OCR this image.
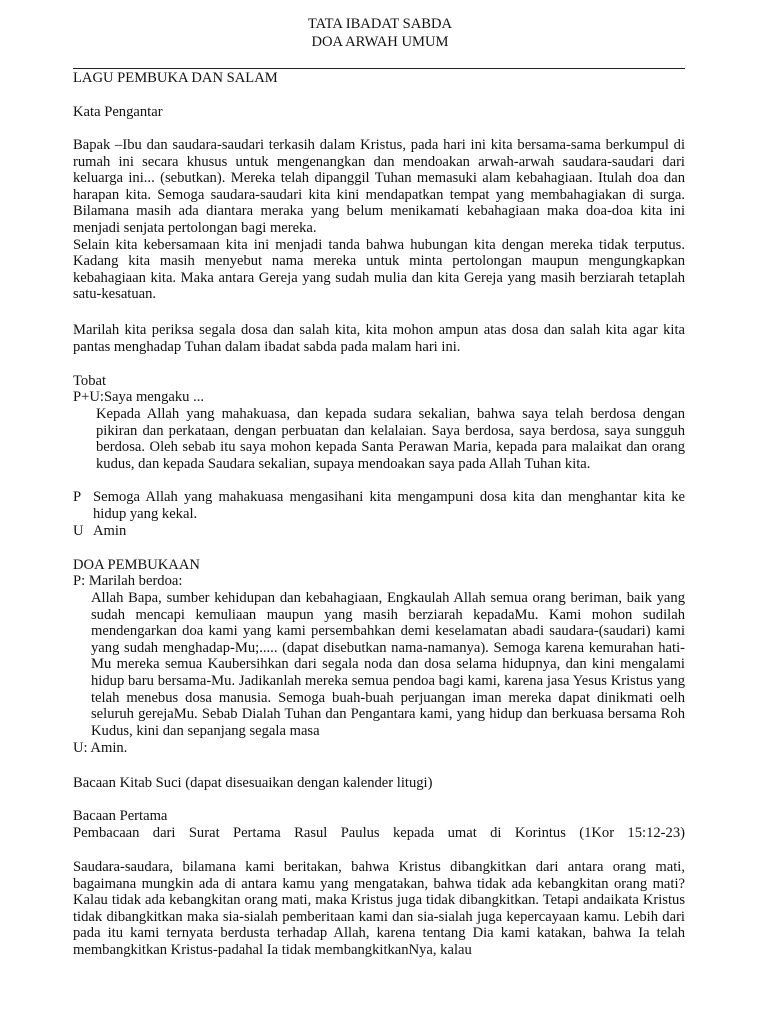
TATA IBADAT SABDA
DOA ARWAH UMUM
LAGU PEMBUKA DAN SALAM
Kata Pengantar

Bapak –Ibu dan saudara-saudari terkasih dalam Kristus, pada hari ini kita bersama-sama berkumpul di rumah ini secara khusus untuk mengenangkan dan mendoakan arwah-arwah saudara-saudari dari keluarga ini... (sebutkan). Mereka telah dipanggil Tuhan memasuki alam kebahagiaan. Itulah doa dan harapan kita. Semoga saudara-saudari kita kini mendapatkan tempat yang membahagiakan di surga. Bilamana masih ada diantara meraka yang belum menikamati kebahagiaan maka doa-doa kita ini menjadi senjata pertolongan bagi mereka.

Selain kita kebersamaan kita ini menjadi tanda bahwa hubungan kita dengan mereka tidak terputus. Kadang kita masih menyebut nama mereka untuk minta pertolongan maupun mengungkapkan kebahagiaan kita. Maka antara Gereja yang sudah mulia dan kita Gereja yang masih berziarah tetaplah satu-kesatuan.

Marilah kita periksa segala dosa dan salah kita, kita mohon ampun atas dosa dan salah kita agar kita pantas menghadap Tuhan dalam ibadat sabda pada malam hari ini.
Tobat
P+U:Saya mengaku ...
Kepada Allah yang mahakuasa, dan kepada sudara sekalian, bahwa saya telah berdosa dengan pikiran dan perkataan, dengan perbuatan dan kelalaian. Saya berdosa, saya berdosa, saya sungguh berdosa. Oleh sebab itu saya mohon kepada Santa Perawan Maria, kepada para malaikat dan orang kudus, dan kepada Saudara sekalian, supaya mendoakan saya pada Allah Tuhan kita.
P Semoga Allah yang mahakuasa mengasihani kita mengampuni dosa kita dan menghantar kita ke hidup yang kekal.
U Amin
DOA PEMBUKAAN
P: Marilah berdoa:
Allah Bapa, sumber kehidupan dan kebahagiaan, Engkaulah Allah semua orang beriman, baik yang sudah mencapi kemuliaan maupun yang masih berziarah kepadaMu. Kami mohon sudilah mendengarkan doa kami yang kami persembahkan demi keselamatan abadi saudara-(saudari) kami yang sudah menghadap-Mu;..... (dapat disebutkan nama-namanya). Semoga karena kemurahan hati-Mu mereka semua Kaubersihkan dari segala noda dan dosa selama hidupnya, dan kini mengalami hidup baru bersama-Mu. Jadikanlah mereka semua pendoa bagi kami, karena jasa Yesus Kristus yang telah menebus dosa manusia. Semoga buah-buah perjuangan iman mereka dapat dinikmati oelh seluruh gerejaMu. Sebab Dialah Tuhan dan Pengantara kami, yang hidup dan berkuasa bersama Roh Kudus, kini dan sepanjang segala masa
U: Amin.
Bacaan Kitab Suci (dapat disesuaikan dengan kalender litugi)
Bacaan Pertama
Pembacaan dari Surat Pertama Rasul Paulus kepada umat di Korintus (1Kor 15:12-23)
Saudara-saudara, bilamana kami beritakan, bahwa Kristus dibangkitkan dari antara orang mati, bagaimana mungkin ada di antara kamu yang mengatakan, bahwa tidak ada kebangkitan orang mati? Kalau tidak ada kebangkitan orang mati, maka Kristus juga tidak dibangkitkan. Tetapi andaikata Kristus tidak dibangkitkan maka sia-sialah pemberitaan kami dan sia-sialah juga kepercayaan kamu. Lebih dari pada itu kami ternyata berdusta terhadap Allah, karena tentang Dia kami katakan, bahwa Ia telah membangkitkan Kristus-padahal Ia tidak membangkitkanNya, kalau
